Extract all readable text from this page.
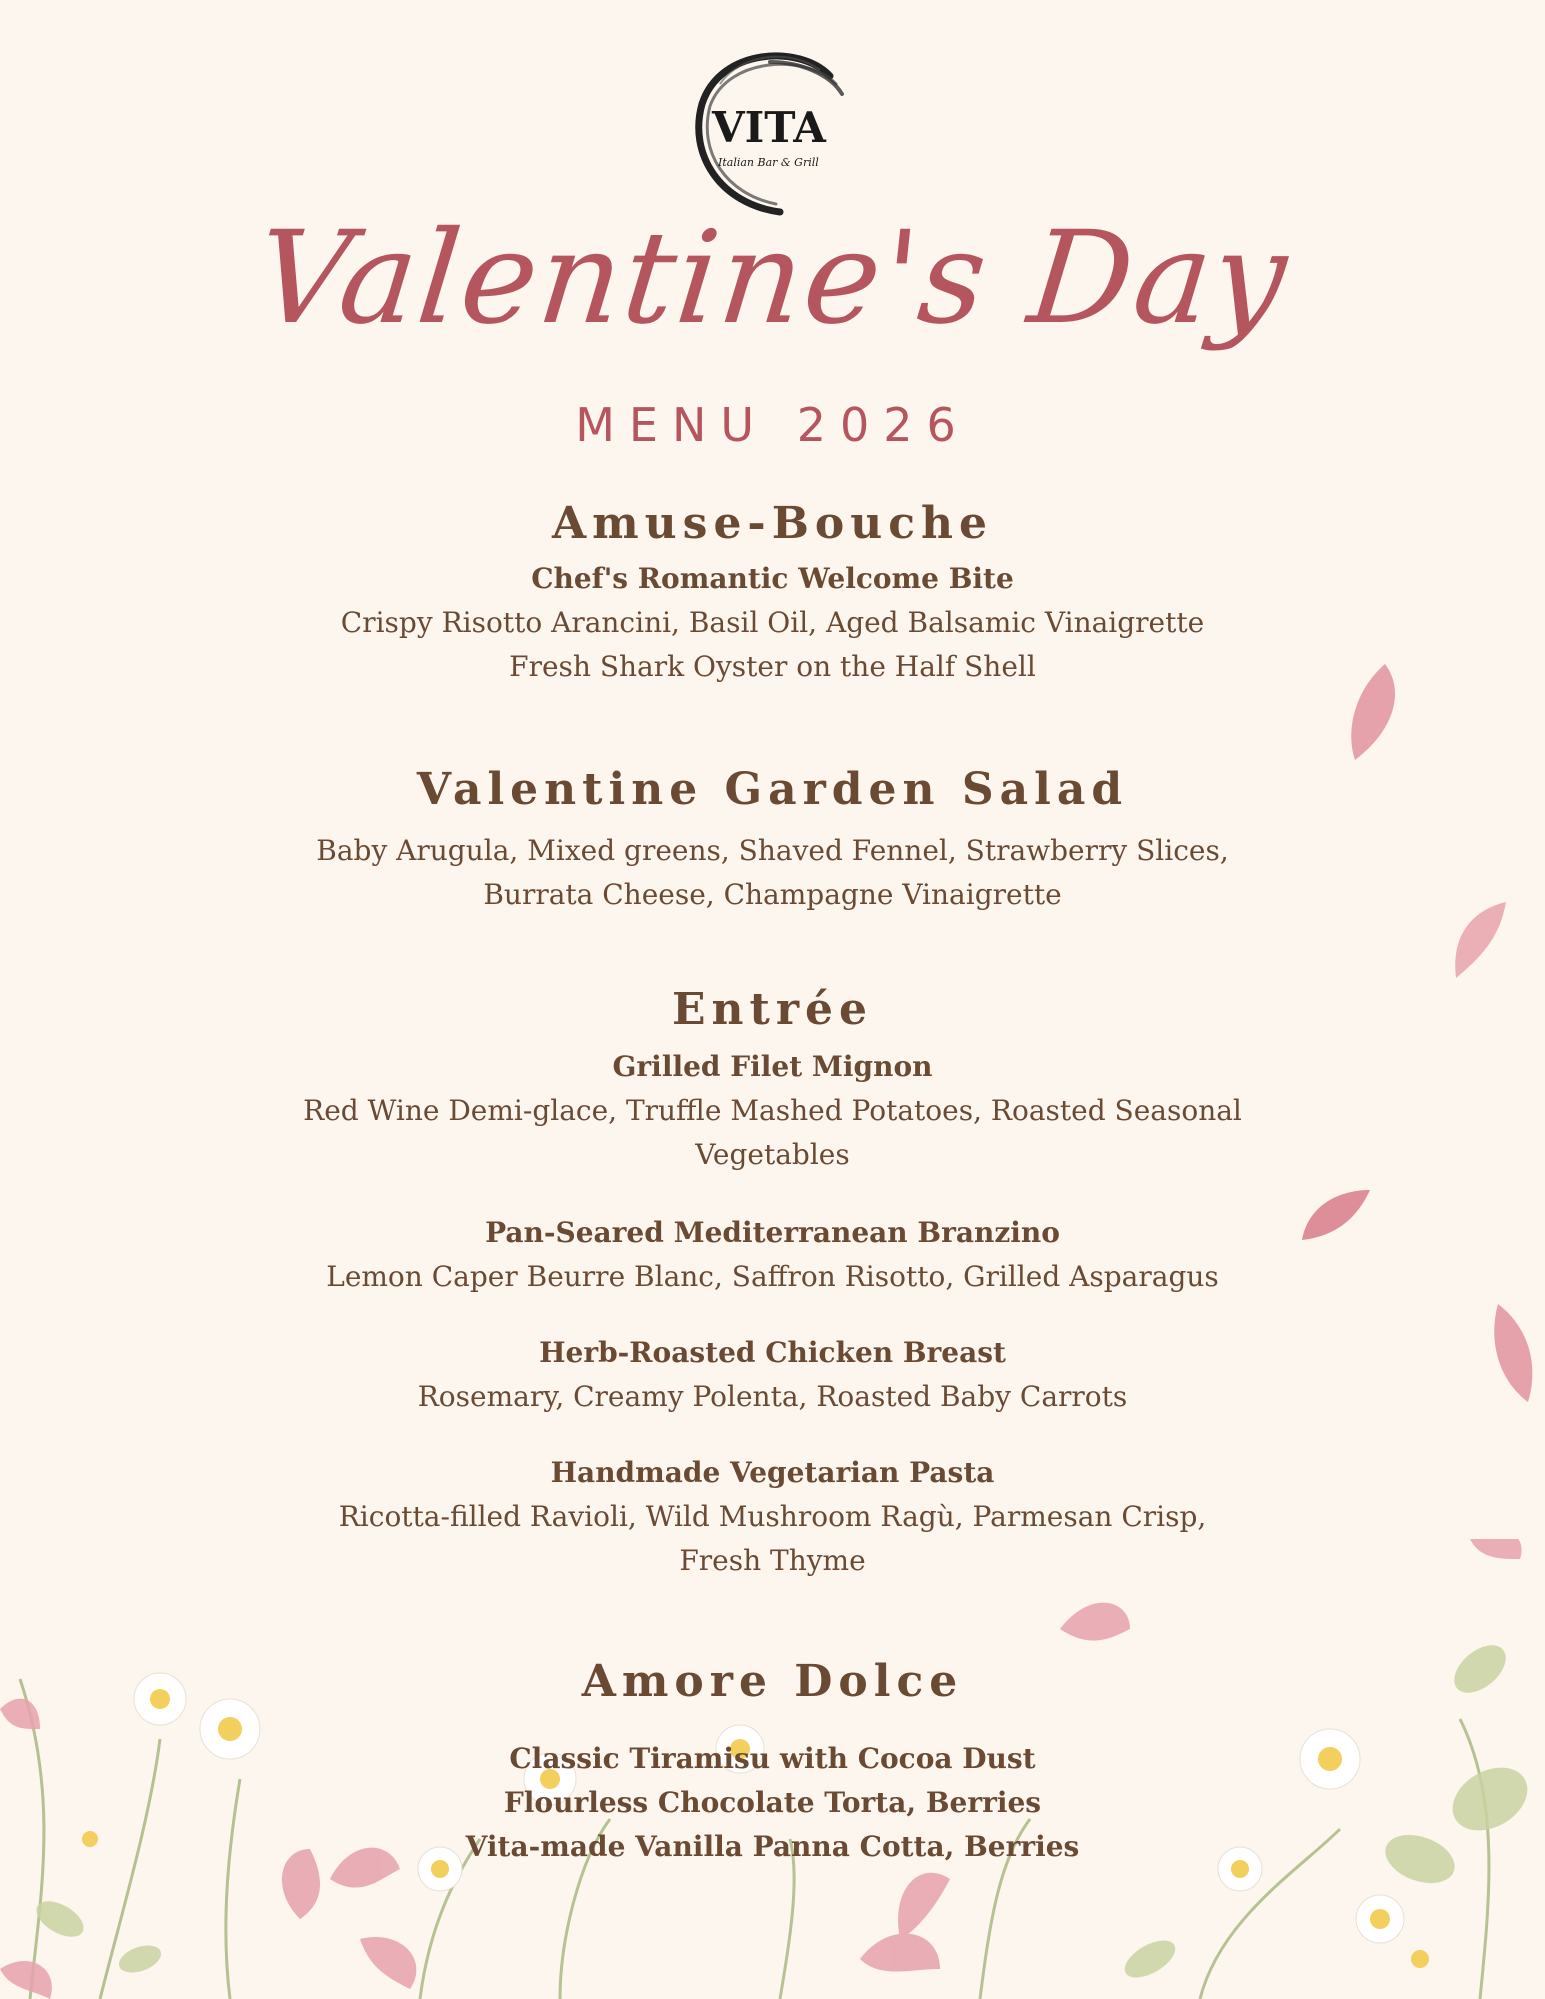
VITA
Italian Bar & Grill
Valentine's Day
MENU 2026
Amuse-Bouche

Chef's Romantic Welcome Bite

Crispy Risotto Arancini, Basil Oil, Aged Balsamic Vinaigrette

Fresh Shark Oyster on the Half Shell

Valentine Garden Salad

Baby Arugula, Mixed greens, Shaved Fennel, Strawberry Slices,

Burrata Cheese, Champagne Vinaigrette

Entrée

Grilled Filet Mignon

Red Wine Demi-glace, Truffle Mashed Potatoes, Roasted Seasonal

Vegetables

Pan-Seared Mediterranean Branzino

Lemon Caper Beurre Blanc, Saffron Risotto, Grilled Asparagus

Herb-Roasted Chicken Breast

Rosemary, Creamy Polenta, Roasted Baby Carrots

Handmade Vegetarian Pasta

Ricotta-filled Ravioli, Wild Mushroom Ragù, Parmesan Crisp,

Fresh Thyme

Amore Dolce

Classic Tiramisu with Cocoa Dust

Flourless Chocolate Torta, Berries

Vita-made Vanilla Panna Cotta, Berries
